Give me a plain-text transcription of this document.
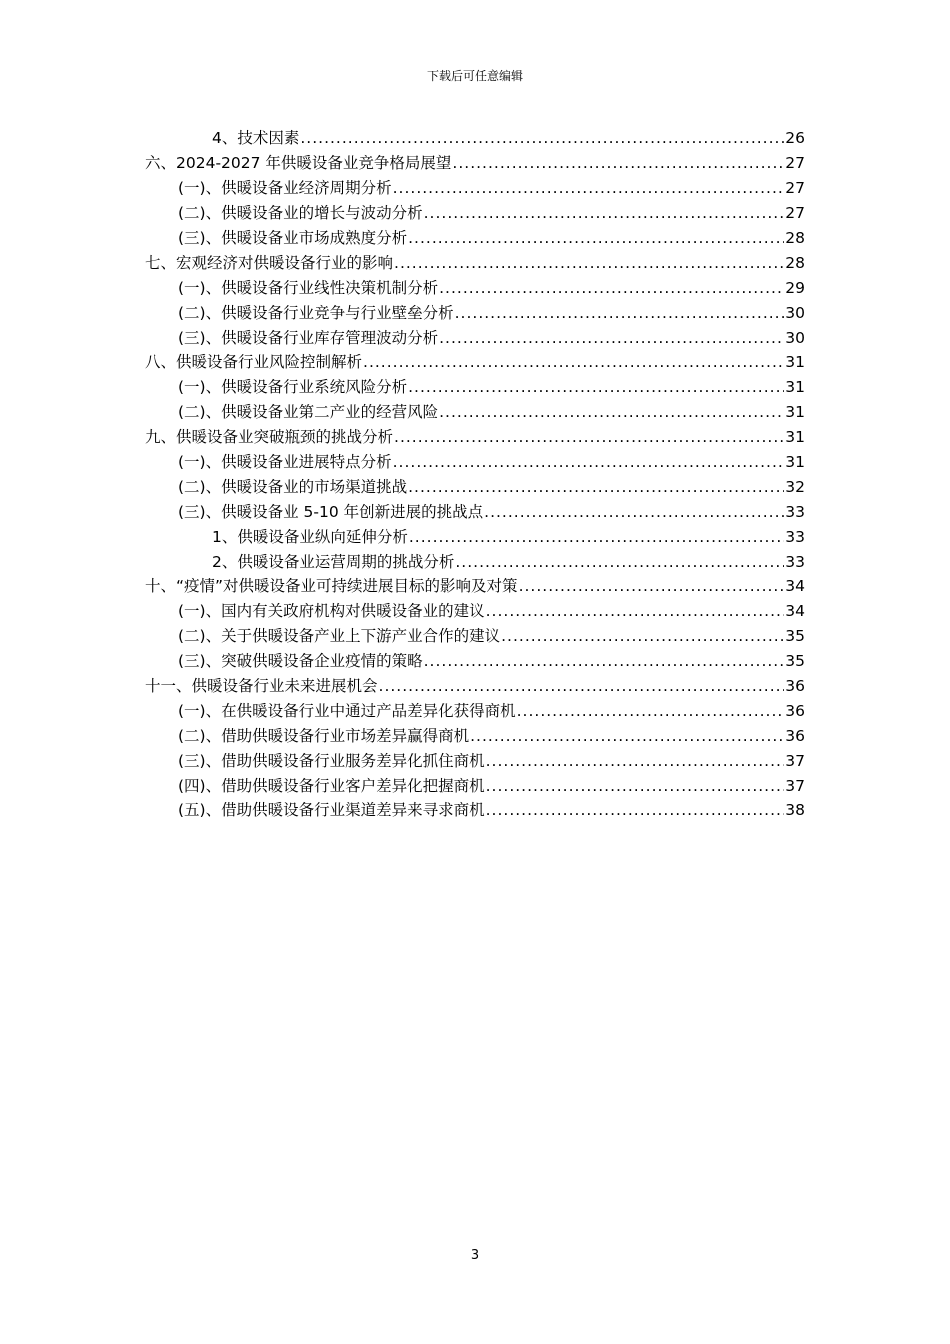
下载后可任意编辑
4、技术因素 .....	26
六、2024-2027 年供暖设备业竞争格局展望 .....	27
(一)、供暖设备业经济周期分析 .....	27
(二)、供暖设备业的增长与波动分析 .....	27
(三)、供暖设备业市场成熟度分析 .....	28
七、宏观经济对供暖设备行业的影响 .....	28
(一)、供暖设备行业线性决策机制分析 .....	29
(二)、供暖设备行业竞争与行业壁垒分析 .....	30
(三)、供暖设备行业库存管理波动分析 .....	30
八、供暖设备行业风险控制解析 .....	31
(一)、供暖设备行业系统风险分析 .....	31
(二)、供暖设备业第二产业的经营风险 .....	31
九、供暖设备业突破瓶颈的挑战分析 .....	31
(一)、供暖设备业进展特点分析 .....	31
(二)、供暖设备业的市场渠道挑战 .....	32
(三)、供暖设备业 5-10 年创新进展的挑战点 .....	33
1、供暖设备业纵向延伸分析 .....	33
2、供暖设备业运营周期的挑战分析 .....	33
十、“疫情”对供暖设备业可持续进展目标的影响及对策 .....	34
(一)、国内有关政府机构对供暖设备业的建议 .....	34
(二)、关于供暖设备产业上下游产业合作的建议 .....	35
(三)、突破供暖设备企业疫情的策略 .....	35
十一、供暖设备行业未来进展机会 .....	36
(一)、在供暖设备行业中通过产品差异化获得商机 .....	36
(二)、借助供暖设备行业市场差异赢得商机 .....	36
(三)、借助供暖设备行业服务差异化抓住商机 .....	37
(四)、借助供暖设备行业客户差异化把握商机 .....	37
(五)、借助供暖设备行业渠道差异来寻求商机 .....	38
3
